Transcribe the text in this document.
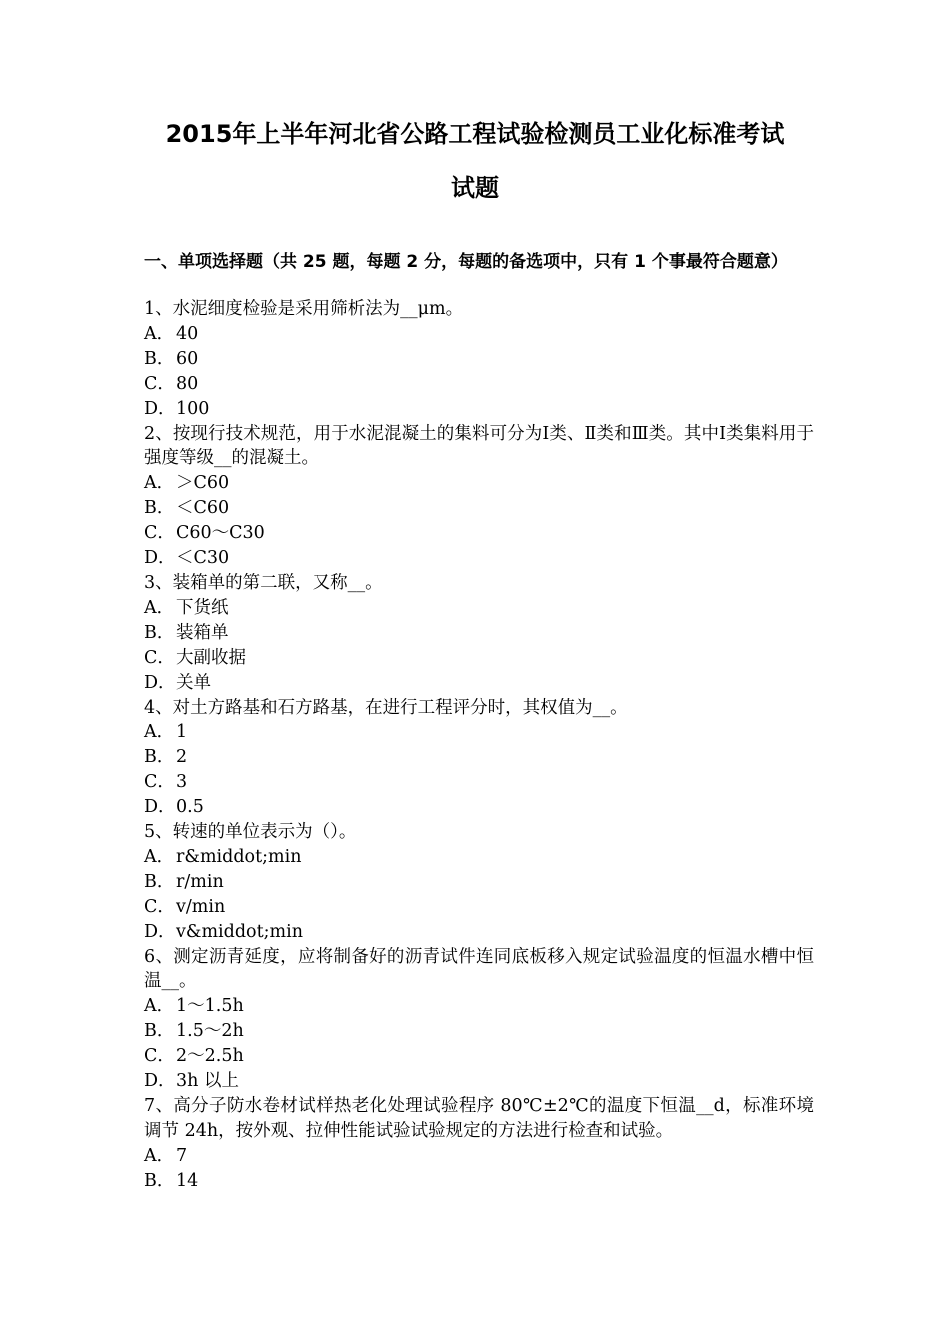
2015年上半年河北省公路工程试验检测员工业化标准考试
试题
一、单项选择题（共 25 题，每题 2 分，每题的备选项中，只有 1 个事最符合题意）
1、水泥细度检验是采用筛析法为__μm。
A． 40
B．60
C．80
D．100
2、按现行技术规范，用于水泥混凝土的集料可分为Ⅰ类、Ⅱ类和Ⅲ类。其中Ⅰ类集料用于强度等级__的混凝土。
A． ＞C60
B．＜C60
C．C60～C30
D．＜C30
3、装箱单的第二联，又称__。
A． 下货纸
B．装箱单
C．大副收据
D．关单
4、对土方路基和石方路基，在进行工程评分时，其权值为__。
A． 1
B．2
C．3
D．0.5
5、转速的单位表示为（）。
A． r&middot;min
B．r/min
C．v/min
D．v&middot;min
6、测定沥青延度，应将制备好的沥青试件连同底板移入规定试验温度的恒温水槽中恒温__。
A． 1～1.5h
B．1.5～2h
C．2～2.5h
D．3h 以上
7、高分子防水卷材试样热老化处理试验程序 80℃±2℃的温度下恒温__d，标准环境调节 24h，按外观、拉伸性能试验试验规定的方法进行检查和试验。
A． 7
B．14
